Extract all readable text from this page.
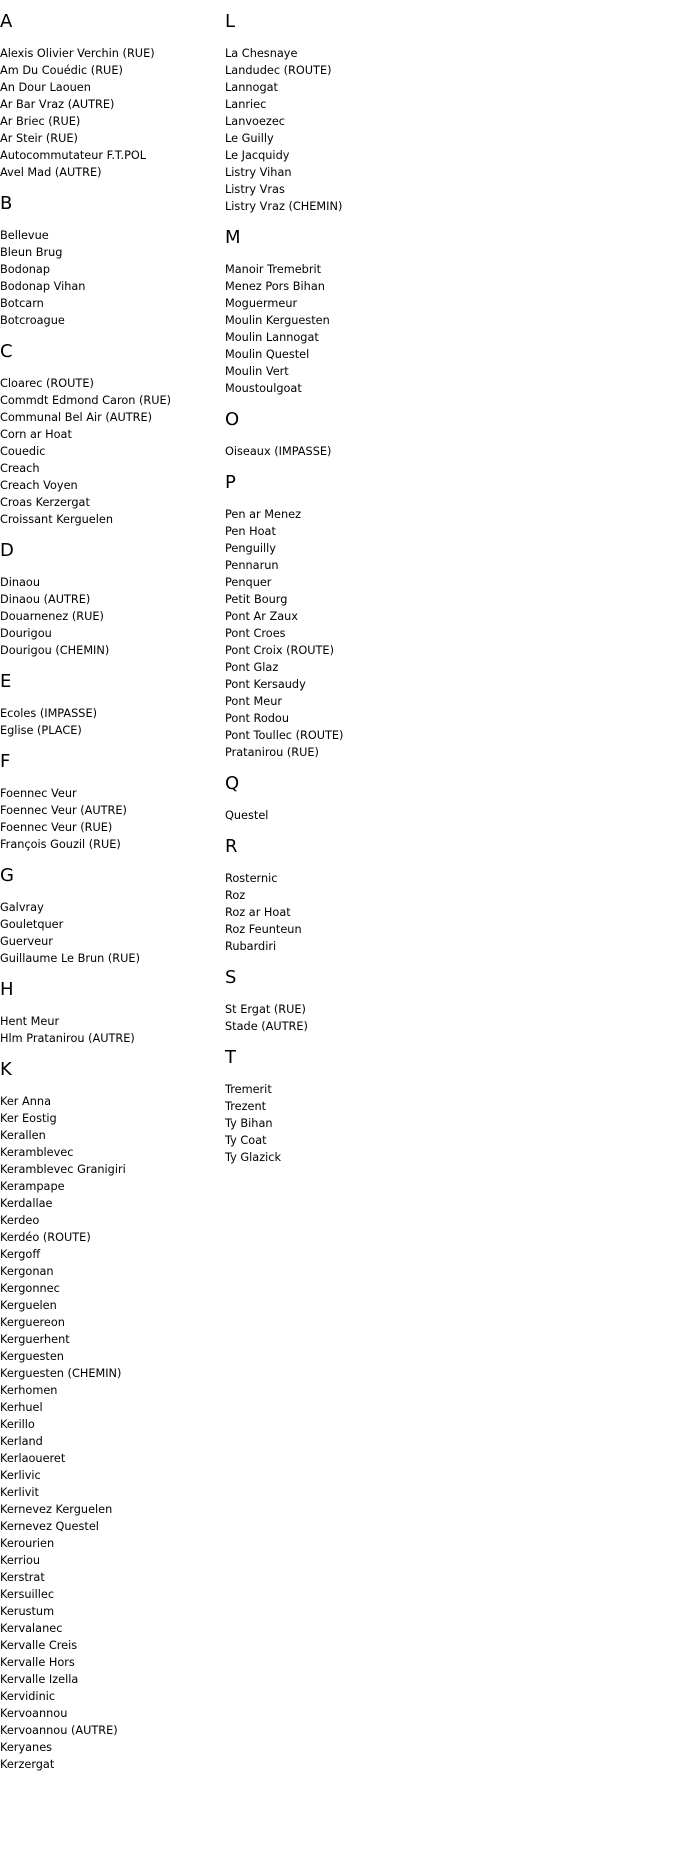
A
Alexis Olivier Verchin (RUE)
Am Du Couédic (RUE)
An Dour Laouen
Ar Bar Vraz (AUTRE)
Ar Briec (RUE)
Ar Steir (RUE)
Autocommutateur F.T.POL
Avel Mad (AUTRE)
B
Bellevue
Bleun Brug
Bodonap
Bodonap Vihan
Botcarn
Botcroague
C
Cloarec (ROUTE)
Commdt Edmond Caron (RUE)
Communal Bel Air (AUTRE)
Corn ar Hoat
Couedic
Creach
Creach Voyen
Croas Kerzergat
Croissant Kerguelen
D
Dinaou
Dinaou (AUTRE)
Douarnenez (RUE)
Dourigou
Dourigou (CHEMIN)
E
Ecoles (IMPASSE)
Eglise (PLACE)
F
Foennec Veur
Foennec Veur (AUTRE)
Foennec Veur (RUE)
François Gouzil (RUE)
G
Galvray
Gouletquer
Guerveur
Guillaume Le Brun (RUE)
H
Hent Meur
Hlm Pratanirou (AUTRE)
K
Ker Anna
Ker Eostig
Kerallen
Keramblevec
Keramblevec Granigiri
Kerampape
Kerdallae
Kerdeo
Kerdéo (ROUTE)
Kergoff
Kergonan
Kergonnec
Kerguelen
Kerguereon
Kerguerhent
Kerguesten
Kerguesten (CHEMIN)
Kerhomen
Kerhuel
Kerillo
Kerland
Kerlaoueret
Kerlivic
Kerlivit
Kernevez Kerguelen
Kernevez Questel
Kerourien
Kerriou
Kerstrat
Kersuillec
Kerustum
Kervalanec
Kervalle Creis
Kervalle Hors
Kervalle Izella
Kervidinic
Kervoannou
Kervoannou (AUTRE)
Keryanes
Kerzergat
L
La Chesnaye
Landudec (ROUTE)
Lannogat
Lanriec
Lanvoezec
Le Guilly
Le Jacquidy
Listry Vihan
Listry Vras
Listry Vraz (CHEMIN)
M
Manoir Tremebrit
Menez Pors Bihan
Moguermeur
Moulin Kerguesten
Moulin Lannogat
Moulin Questel
Moulin Vert
Moustoulgoat
O
Oiseaux (IMPASSE)
P
Pen ar Menez
Pen Hoat
Penguilly
Pennarun
Penquer
Petit Bourg
Pont Ar Zaux
Pont Croes
Pont Croix (ROUTE)
Pont Glaz
Pont Kersaudy
Pont Meur
Pont Rodou
Pont Toullec (ROUTE)
Pratanirou (RUE)
Q
Questel
R
Rosternic
Roz
Roz ar Hoat
Roz Feunteun
Rubardiri
S
St Ergat (RUE)
Stade (AUTRE)
T
Tremerit
Trezent
Ty Bihan
Ty Coat
Ty Glazick
